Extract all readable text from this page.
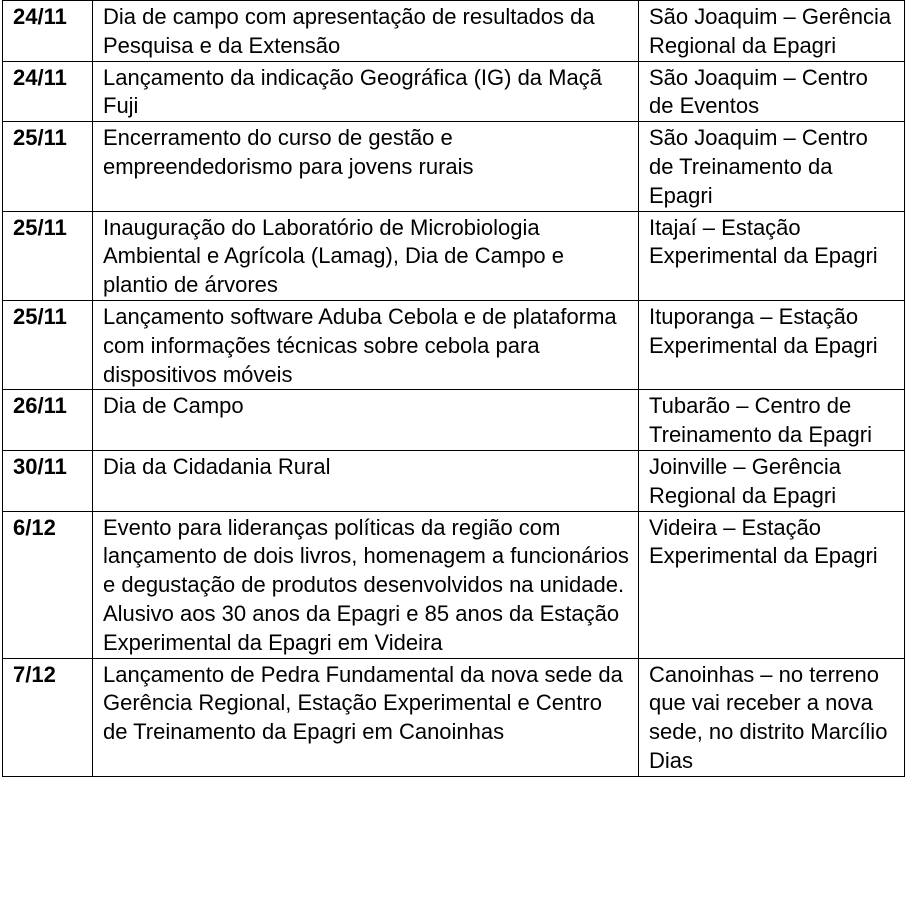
24/11	Dia de campo com apresentação de resultados da Pesquisa e da Extensão	São Joaquim – Gerência Regional da Epagri
24/11	Lançamento da indicação Geográfica (IG) da Maçã Fuji	São Joaquim – Centro de Eventos
25/11	Encerramento do curso de gestão e empreendedorismo para jovens rurais	São Joaquim – Centro de Treinamento da Epagri
25/11	Inauguração do Laboratório de Microbiologia Ambiental e Agrícola (Lamag), Dia de Campo e plantio de árvores	Itajaí – Estação Experimental da Epagri
25/11	Lançamento software Aduba Cebola e de plataforma com informações técnicas sobre cebola para dispositivos móveis	Ituporanga – Estação Experimental da Epagri
26/11	Dia de Campo	Tubarão – Centro de Treinamento da Epagri
30/11	Dia da Cidadania Rural	Joinville – Gerência Regional da Epagri
6/12	Evento para lideranças políticas da região com lançamento de dois livros, homenagem a funcionários e degustação de produtos desenvolvidos na unidade. Alusivo aos 30 anos da Epagri e 85 anos da Estação Experimental da Epagri em Videira	Videira – Estação Experimental da Epagri
7/12	Lançamento de Pedra Fundamental da nova sede da Gerência Regional, Estação Experimental e Centro de Treinamento da Epagri em Canoinhas	Canoinhas – no terreno que vai receber a nova sede, no distrito Marcílio Dias
